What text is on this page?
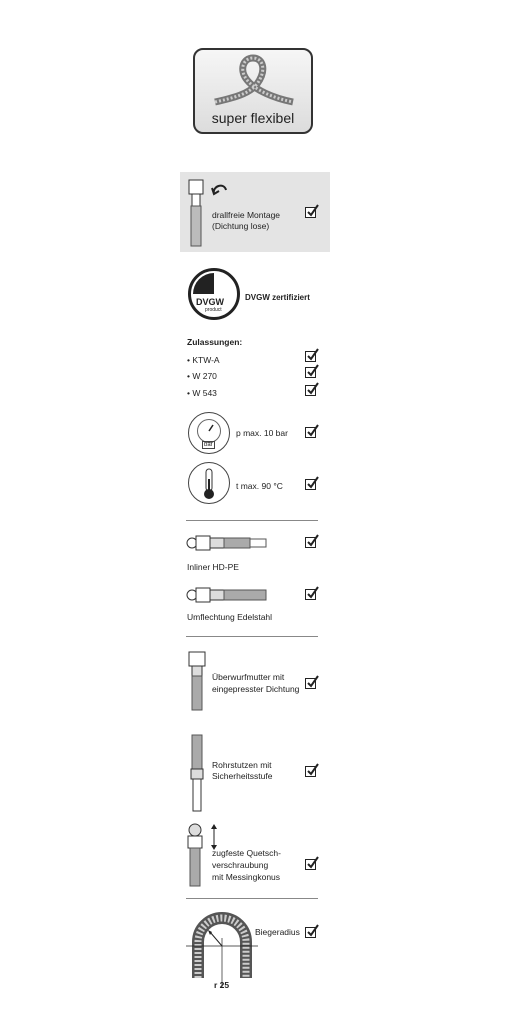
super flexibel
drallfreie Montage
(Dichtung lose)
DVGW
product
DVGW zertifiziert
Zulassungen:
• KTW-A
• W 270
• W 543
bar
p max. 10 bar
t max. 90 °C
Inliner HD-PE
Umflechtung Edelstahl
Überwurfmutter mit
eingepresster Dichtung
Rohrstutzen mit
Sicherheitsstufe
zugfeste Quetsch-
verschraubung
mit Messingkonus
Biegeradius
r 25
